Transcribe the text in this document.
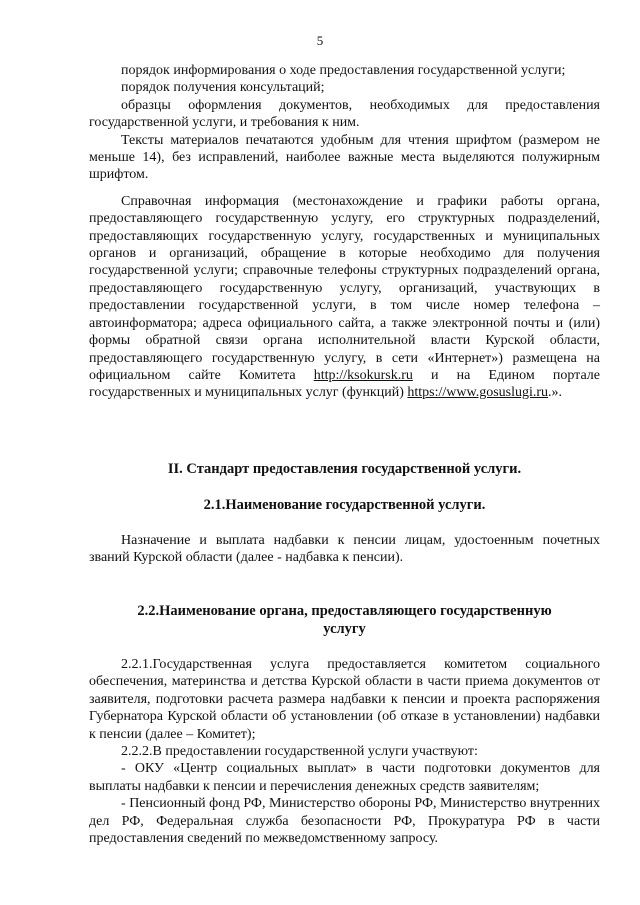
5

порядок информирования о ходе предоставления государственной услуги;

порядок получения консультаций;

образцы оформления документов, необходимых для предоставления государственной услуги, и требования к ним.

Тексты материалов печатаются удобным для чтения шрифтом (размером не меньше 14), без исправлений, наиболее важные места выделяются полужирным шрифтом.

Справочная информация (местонахождение и графики работы органа, предоставляющего государственную услугу, его структурных подразделений, предоставляющих государственную услугу, государственных и муниципальных органов и организаций, обращение в которые необходимо для получения государственной услуги; справочные телефоны структурных подразделений органа, предоставляющего государственную услугу, организаций, участвующих в предоставлении государственной услуги, в том числе номер телефона – автоинформатора; адреса официального сайта, а также электронной почты и (или) формы обратной связи органа исполнительной власти Курской области, предоставляющего государственную услугу, в сети «Интернет») размещена на официальном сайте Комитета http://ksokursk.ru и на Едином портале государственных и муниципальных услуг (функций) https://www.gosuslugi.ru.».

II. Стандарт предоставления государственной услуги.
2.1.Наименование государственной услуги.

Назначение и выплата надбавки к пенсии лицам, удостоенным почетных званий Курской области (далее - надбавка к пенсии).

2.2.Наименование органа, предоставляющего государственную
услугу

2.2.1.Государственная услуга предоставляется комитетом социального обеспечения, материнства и детства Курской области в части приема документов от заявителя, подготовки расчета размера надбавки к пенсии и проекта распоряжения Губернатора Курской области об установлении (об отказе в установлении) надбавки к пенсии (далее – Комитет);

2.2.2.В предоставлении государственной услуги участвуют:

- ОКУ «Центр социальных выплат» в части подготовки документов для выплаты надбавки к пенсии и перечисления денежных средств заявителям;

- Пенсионный фонд РФ, Министерство обороны РФ, Министерство внутренних дел РФ, Федеральная служба безопасности РФ, Прокуратура РФ в части предоставления сведений по межведомственному запросу.
